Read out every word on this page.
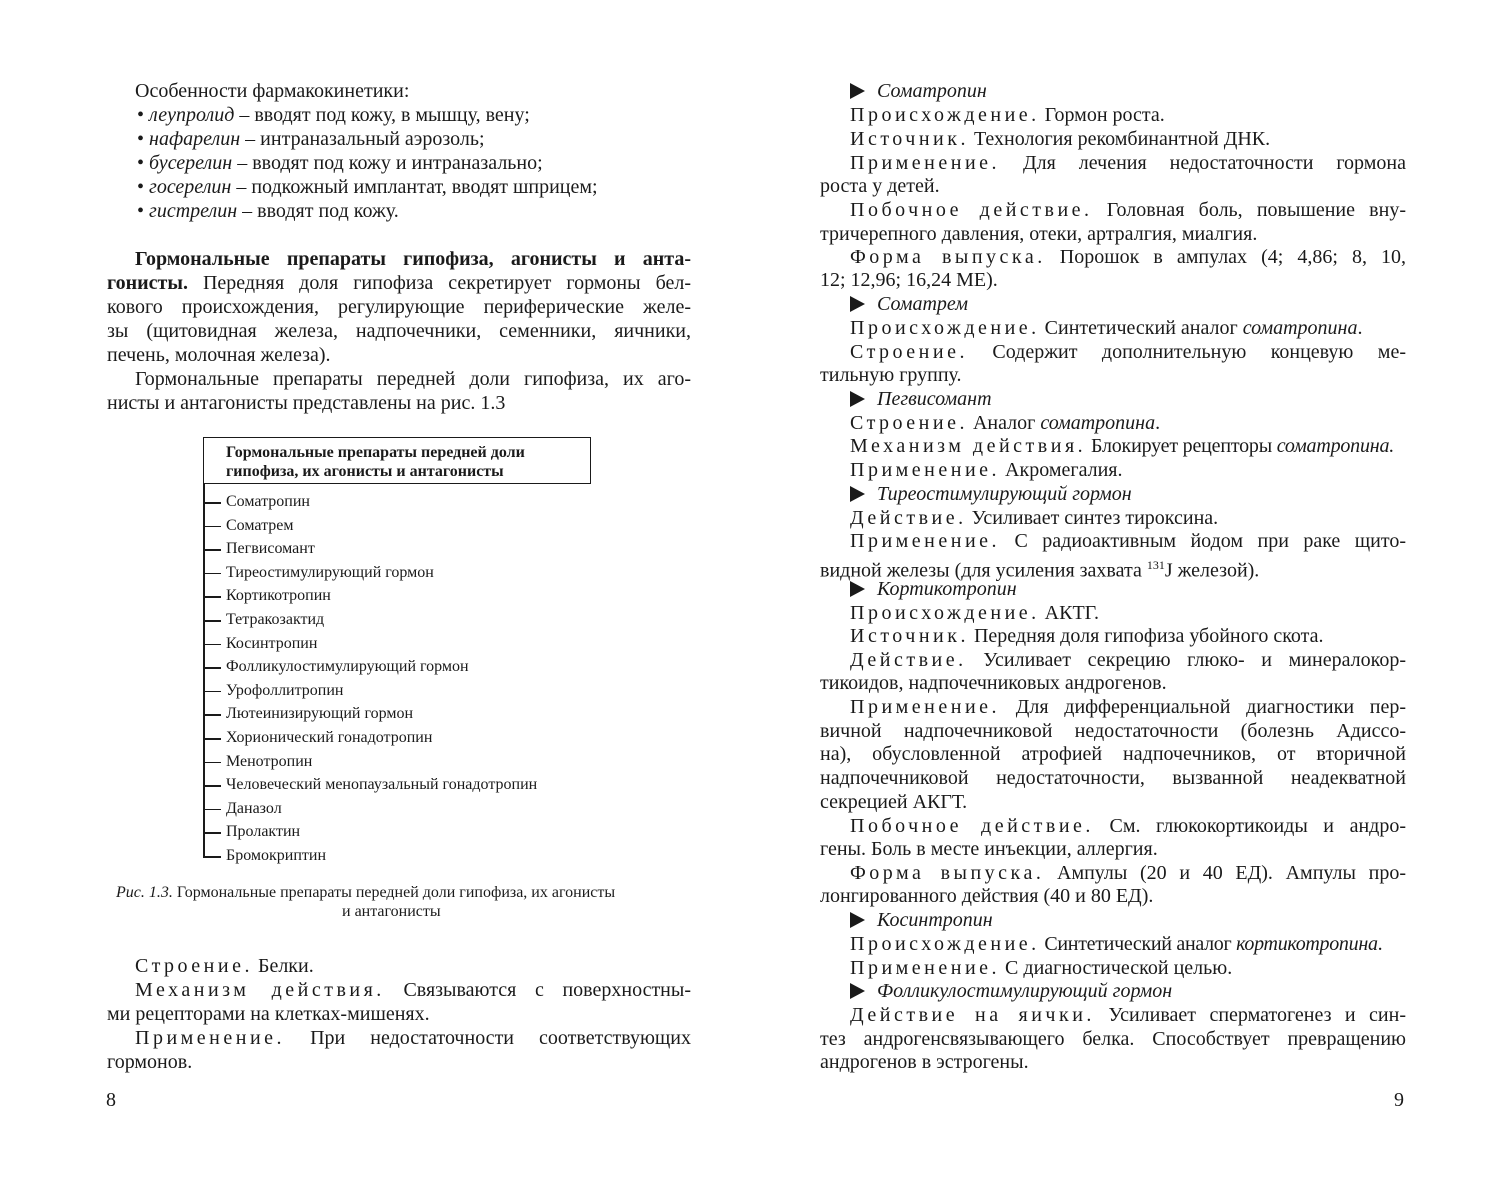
Особенности фармакокинетики:
• леупролид – вводят под кожу, в мышцу, вену;
• нафарелин – интраназальный аэрозоль;
• бусерелин – вводят под кожу и интраназально;
• госерелин – подкожный имплантат, вводят шприцем;
• гистрелин – вводят под кожу.
Гормональные препараты гипофиза, агонисты и анта-
гонисты. Передняя доля гипофиза секретирует гормоны бел-
кового происхождения, регулирующие периферические желе-
зы (щитовидная железа, надпочечники, семенники, яичники,
печень, молочная железа).
Гормональные препараты передней доли гипофиза, их аго-
нисты и антагонисты представлены на рис. 1.3
Гормональные препараты передней доли
гипофиза, их агонисты и антагонисты
Соматропин
Соматрем
Пегвисомант
Тиреостимулирующий гормон
Кортикотропин
Тетракозактид
Косинтропин
Фолликулостимулирующий гормон
Урофоллитропин
Лютеинизирующий гормон
Хорионический гонадотропин
Менотропин
Человеческий менопаузальный гонадотропин
Даназол
Пролактин
Бромокриптин
Рис. 1.3. Гормональные препараты передней доли гипофиза, их агонисты
и антагонисты
Строение. Белки.
Механизм действия. Связываются с поверхностны-
ми рецепторами на клетках-мишенях.
Применение. При недостаточности соответствующих
гормонов.
8
Соматропин
Происхождение. Гормон роста.
Источник. Технология рекомбинантной ДНК.
Применение. Для лечения недостаточности гормона
роста у детей.
Побочное действие. Головная боль, повышение вну-
тричерепного давления, отеки, артралгия, миалгия.
Форма выпуска. Порошок в ампулах (4; 4,86; 8, 10,
12; 12,96; 16,24 МЕ).
Соматрем
Происхождение. Синтетический аналог соматропина.
Строение. Содержит дополнительную концевую ме-
тильную группу.
Пегвисомант
Строение. Аналог соматропина.
Механизм действия. Блокирует рецепторы соматропина.
Применение. Акромегалия.
Тиреостимулирующий гормон
Действие. Усиливает синтез тироксина.
Применение. С радиоактивным йодом при раке щито-
видной железы (для усиления захвата $^{131}$J железой).
Кортикотропин
Происхождение. АКТГ.
Источник. Передняя доля гипофиза убойного скота.
Действие. Усиливает секрецию глюко- и минералокор-
тикоидов, надпочечниковых андрогенов.
Применение. Для дифференциальной диагностики пер-
вичной надпочечниковой недостаточности (болезнь Адиссо-
на), обусловленной атрофией надпочечников, от вторичной
надпочечниковой недостаточности, вызванной неадекватной
секрецией АКГТ.
Побочное действие. См. глюкокортикоиды и андро-
гены. Боль в месте инъекции, аллергия.
Форма выпуска. Ампулы (20 и 40 ЕД). Ампулы про-
лонгированного действия (40 и 80 ЕД).
Косинтропин
Происхождение. Синтетический аналог кортикотропина.
Применение. С диагностической целью.
Фолликулостимулирующий гормон
Действие на яички. Усиливает сперматогенез и син-
тез андрогенсвязывающего белка. Способствует превращению
андрогенов в эстрогены.
9
